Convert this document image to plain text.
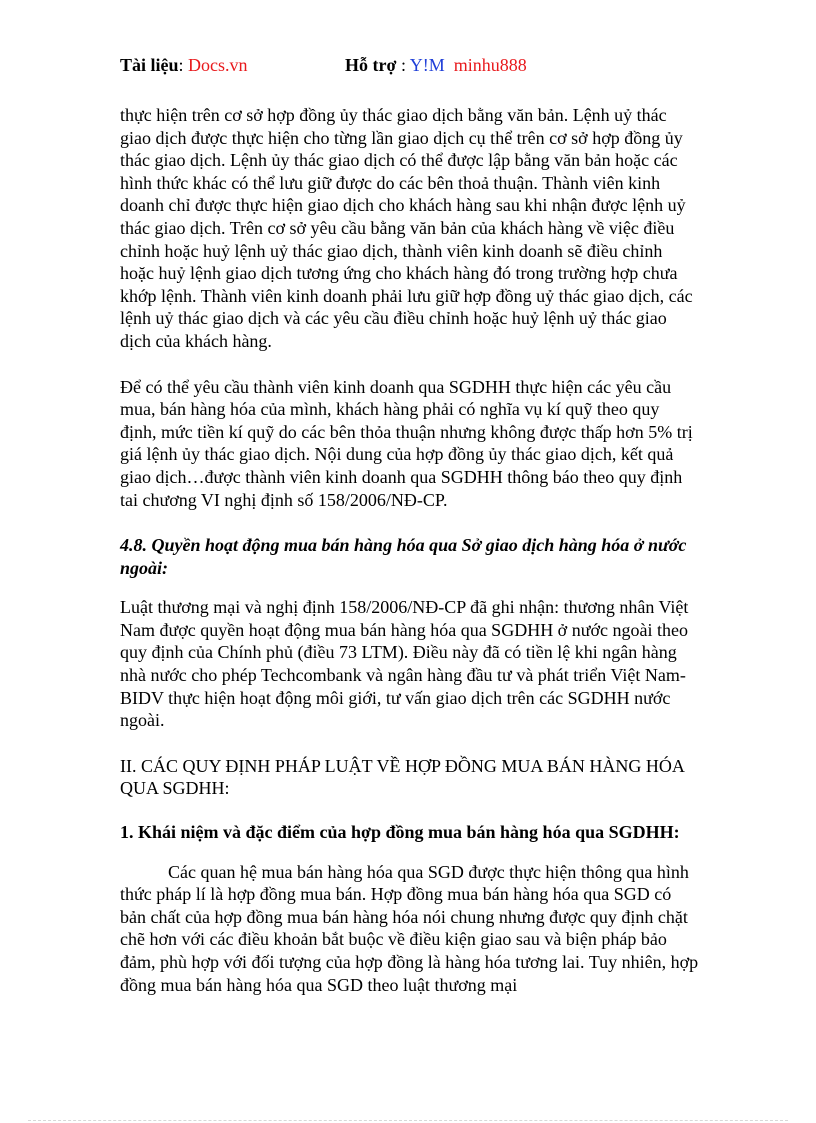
Tài liệu: Docs.vn	Hỗ trợ : Y!M minhu888

thực hiện trên cơ sở hợp đồng ủy thác giao dịch bằng văn bản. Lệnh uỷ thác giao dịch được thực hiện cho từng lần giao dịch cụ thể trên cơ sở hợp đồng ủy thác giao dịch. Lệnh ủy thác giao dịch có thể được lập bằng văn bản hoặc các hình thức khác có thể lưu giữ được do các bên thoả thuận. Thành viên kinh doanh chỉ được thực hiện giao dịch cho khách hàng sau khi nhận được lệnh uỷ thác giao dịch. Trên cơ sở yêu cầu bằng văn bản của khách hàng về việc điều chỉnh hoặc huỷ lệnh uỷ thác giao dịch, thành viên kinh doanh sẽ điều chỉnh hoặc huỷ lệnh giao dịch tương ứng cho khách hàng đó trong trường hợp chưa khớp lệnh. Thành viên kinh doanh phải lưu giữ hợp đồng uỷ thác giao dịch, các lệnh uỷ thác giao dịch và các yêu cầu điều chỉnh hoặc huỷ lệnh uỷ thác giao dịch của khách hàng.

Để có thể yêu cầu thành viên kinh doanh qua SGDHH thực hiện các yêu cầu mua, bán hàng hóa của mình, khách hàng phải có nghĩa vụ kí quỹ theo quy định, mức tiền kí quỹ do các bên thỏa thuận nhưng không được thấp hơn 5% trị giá lệnh ủy thác giao dịch. Nội dung của hợp đồng ủy thác giao dịch, kết quả giao dịch…được thành viên kinh doanh qua SGDHH thông báo theo quy định tai chương VI nghị định số 158/2006/NĐ-CP.

4.8. Quyền hoạt động mua bán hàng hóa qua Sở giao dịch hàng hóa ở nước ngoài:

Luật thương mại và nghị định 158/2006/NĐ-CP đã ghi nhận: thương nhân Việt Nam được quyền hoạt động mua bán hàng hóa qua SGDHH ở nước ngoài theo quy định của Chính phủ (điều 73 LTM). Điều này đã có tiền lệ khi ngân hàng nhà nước cho phép Techcombank và ngân hàng đầu tư và phát triển Việt Nam- BIDV thực hiện hoạt động môi giới, tư vấn giao dịch trên các SGDHH nước ngoài.

II. CÁC QUY ĐỊNH PHÁP LUẬT VỀ HỢP ĐỒNG MUA BÁN HÀNG HÓA QUA SGDHH:

1. Khái niệm và đặc điểm của hợp đồng mua bán hàng hóa qua SGDHH:

Các quan hệ mua bán hàng hóa qua SGD được thực hiện thông qua hình thức pháp lí là hợp đồng mua bán. Hợp đồng mua bán hàng hóa qua SGD có bản chất của hợp đồng mua bán hàng hóa nói chung nhưng được quy định chặt chẽ hơn với các điều khoản bắt buộc về điều kiện giao sau và biện pháp bảo đảm, phù hợp với đối tượng của hợp đồng là hàng hóa tương lai. Tuy nhiên, hợp đồng mua bán hàng hóa qua SGD theo luật thương mại
